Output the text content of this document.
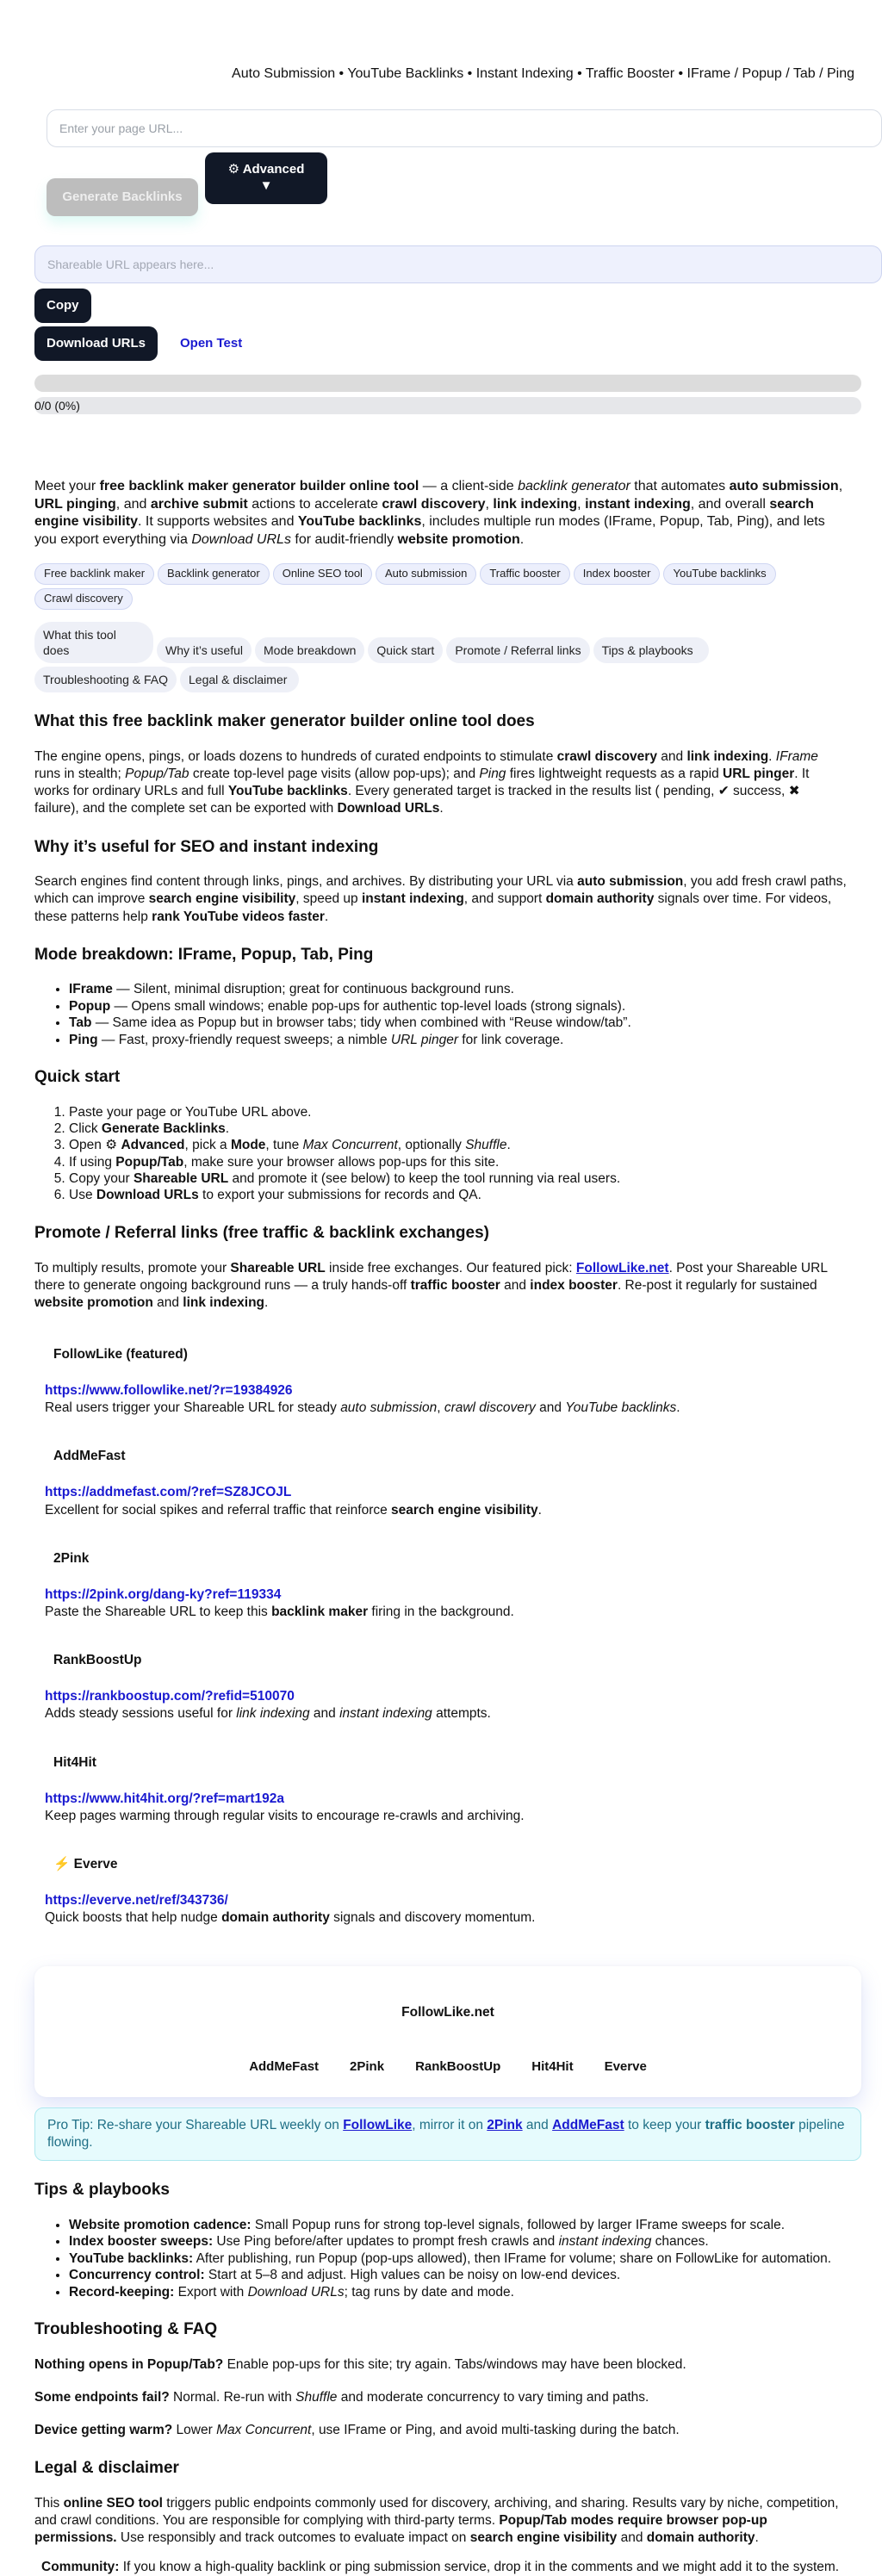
Auto Submission • YouTube Backlinks • Instant Indexing • Traffic Booster • IFrame / Popup / Tab / Ping
Enter your page URL...
Generate Backlinks
⚙ Advanced
▼
Shareable URL appears here...
Copy
Download URLs	Open Test
0/0 (0%)

Meet your free backlink maker generator builder online tool — a client-side backlink generator that automates auto submission, URL pinging, and archive submit actions to accelerate crawl discovery, link indexing, instant indexing, and overall search engine visibility. It supports websites and YouTube backlinks, includes multiple run modes (IFrame, Popup, Tab, Ping), and lets you export everything via Download URLs for audit-friendly website promotion.

Free backlink maker	Backlink generator	Online SEO tool	Auto submission	Traffic booster	Index booster	YouTube backlinks
Crawl discovery
What this tool does	Why it’s useful	Mode breakdown	Quick start	Promote / Referral links	Tips & playbooks
Troubleshooting & FAQ	Legal & disclaimer
What this free backlink maker generator builder online tool does

The engine opens, pings, or loads dozens to hundreds of curated endpoints to stimulate crawl discovery and link indexing. IFrame runs in stealth; Popup/Tab create top-level page visits (allow pop-ups); and Ping fires lightweight requests as a rapid URL pinger. It works for ordinary URLs and full YouTube backlinks. Every generated target is tracked in the results list ( pending, ✔ success, ✖ failure), and the complete set can be exported with Download URLs.

Why it’s useful for SEO and instant indexing

Search engines find content through links, pings, and archives. By distributing your URL via auto submission, you add fresh crawl paths, which can improve search engine visibility, speed up instant indexing, and support domain authority signals over time. For videos, these patterns help rank YouTube videos faster.

Mode breakdown: IFrame, Popup, Tab, Ping
• IFrame — Silent, minimal disruption; great for continuous background runs.
• Popup — Opens small windows; enable pop-ups for authentic top-level loads (strong signals).
• Tab — Same idea as Popup but in browser tabs; tidy when combined with “Reuse window/tab”.
• Ping — Fast, proxy-friendly request sweeps; a nimble URL pinger for link coverage.
Quick start
1. Paste your page or YouTube URL above.
2. Click Generate Backlinks.
3. Open ⚙ Advanced, pick a Mode, tune Max Concurrent, optionally Shuffle.
4. If using Popup/Tab, make sure your browser allows pop-ups for this site.
5. Copy your Shareable URL and promote it (see below) to keep the tool running via real users.
6. Use Download URLs to export your submissions for records and QA.
Promote / Referral links (free traffic & backlink exchanges)

To multiply results, promote your Shareable URL inside free exchanges. Our featured pick: FollowLike.net. Post your Shareable URL there to generate ongoing background runs — a truly hands-off traffic booster and index booster. Re-post it regularly for sustained website promotion and link indexing.

FollowLike (featured)
https://www.followlike.net/?r=19384926

Real users trigger your Shareable URL for steady auto submission, crawl discovery and YouTube backlinks.

AddMeFast
https://addmefast.com/?ref=SZ8JCOJL

Excellent for social spikes and referral traffic that reinforce search engine visibility.

2Pink
https://2pink.org/dang-ky?ref=119334

Paste the Shareable URL to keep this backlink maker firing in the background.

RankBoostUp
https://rankboostup.com/?refid=510070

Adds steady sessions useful for link indexing and instant indexing attempts.

Hit4Hit
https://www.hit4hit.org/?ref=mart192a

Keep pages warming through regular visits to encourage re-crawls and archiving.

⚡ Everve
https://everve.net/ref/343736/

Quick boosts that help nudge domain authority signals and discovery momentum.

FollowLike.net
AddMeFast 2Pink RankBoostUp Hit4Hit Everve
Pro Tip: Re-share your Shareable URL weekly on FollowLike, mirror it on 2Pink and AddMeFast to keep your traffic booster pipeline flowing.
Tips & playbooks
• Website promotion cadence: Small Popup runs for strong top-level signals, followed by larger IFrame sweeps for scale.
• Index booster sweeps: Use Ping before/after updates to prompt fresh crawls and instant indexing chances.
• YouTube backlinks: After publishing, run Popup (pop-ups allowed), then IFrame for volume; share on FollowLike for automation.
• Concurrency control: Start at 5–8 and adjust. High values can be noisy on low-end devices.
• Record-keeping: Export with Download URLs; tag runs by date and mode.
Troubleshooting & FAQ

Nothing opens in Popup/Tab? Enable pop-ups for this site; try again. Tabs/windows may have been blocked.

Some endpoints fail? Normal. Re-run with Shuffle and moderate concurrency to vary timing and paths.

Device getting warm? Lower Max Concurrent, use IFrame or Ping, and avoid multi-tasking during the batch.

Legal & disclaimer

This online SEO tool triggers public endpoints commonly used for discovery, archiving, and sharing. Results vary by niche, competition, and crawl conditions. You are responsible for complying with third-party terms. Popup/Tab modes require browser pop-up permissions. Use responsibly and track outcomes to evaluate impact on search engine visibility and domain authority.

Community: If you know a high-quality backlink or ping submission service, drop it in the comments and we might add it to the system.
